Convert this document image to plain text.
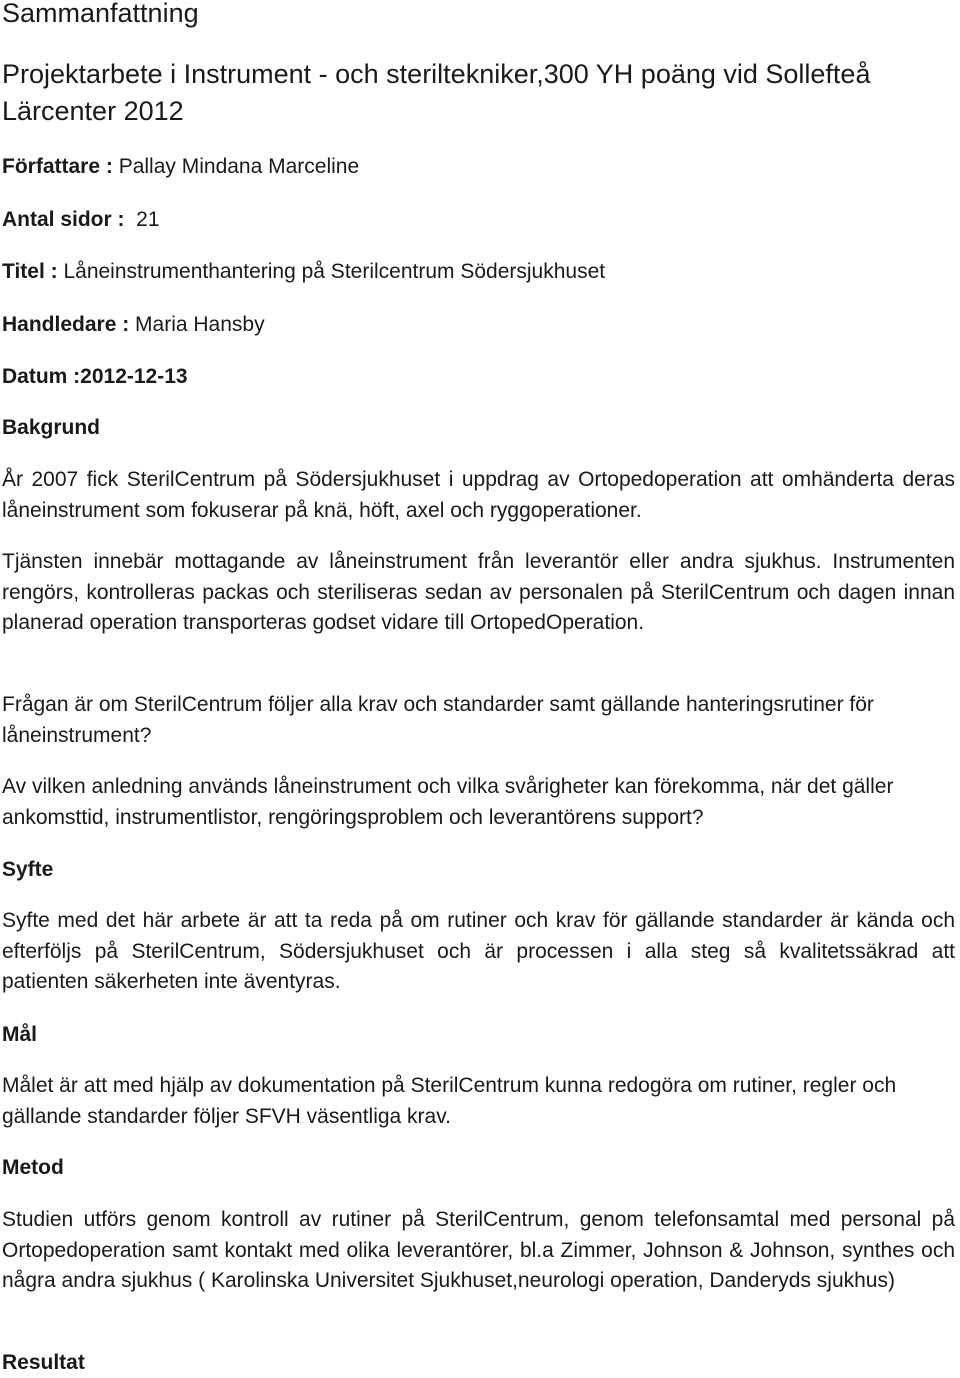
Sammanfattning
Projektarbete i Instrument - och steriltekniker,300 YH poäng vid Sollefteå Lärcenter 2012
Författare : Pallay Mindana Marceline
Antal sidor :  21
Titel : Låneinstrumenthantering på Sterilcentrum Södersjukhuset
Handledare : Maria Hansby
Datum :2012-12-13
Bakgrund

År 2007 fick SterilCentrum på Södersjukhuset i uppdrag av Ortopedoperation att omhänderta deras låneinstrument som fokuserar på knä, höft, axel och ryggoperationer.

Tjänsten innebär mottagande av låneinstrument från leverantör eller andra sjukhus. Instrumenten rengörs, kontrolleras packas och steriliseras sedan av personalen på SterilCentrum och dagen innan planerad operation transporteras godset vidare till OrtopedOperation.

Frågan är om SterilCentrum följer alla krav och standarder samt gällande hanteringsrutiner för låneinstrument?

Av vilken anledning används låneinstrument och vilka svårigheter kan förekomma, när det gäller ankomsttid, instrumentlistor, rengöringsproblem och leverantörens support?

Syfte

Syfte med det här arbete är att ta reda på om rutiner och krav för gällande standarder är kända och efterföljs på SterilCentrum, Södersjukhuset och är processen i alla steg så kvalitetssäkrad att patienten säkerheten inte äventyras.

Mål

Målet är att med hjälp av dokumentation på SterilCentrum kunna redogöra om rutiner, regler och gällande standarder följer SFVH väsentliga krav.

Metod

Studien utförs genom kontroll av rutiner på SterilCentrum, genom telefonsamtal med personal på Ortopedoperation samt kontakt med olika leverantörer, bl.a Zimmer, Johnson & Johnson, synthes och några andra sjukhus ( Karolinska Universitet Sjukhuset,neurologi operation, Danderyds sjukhus)

Resultat
